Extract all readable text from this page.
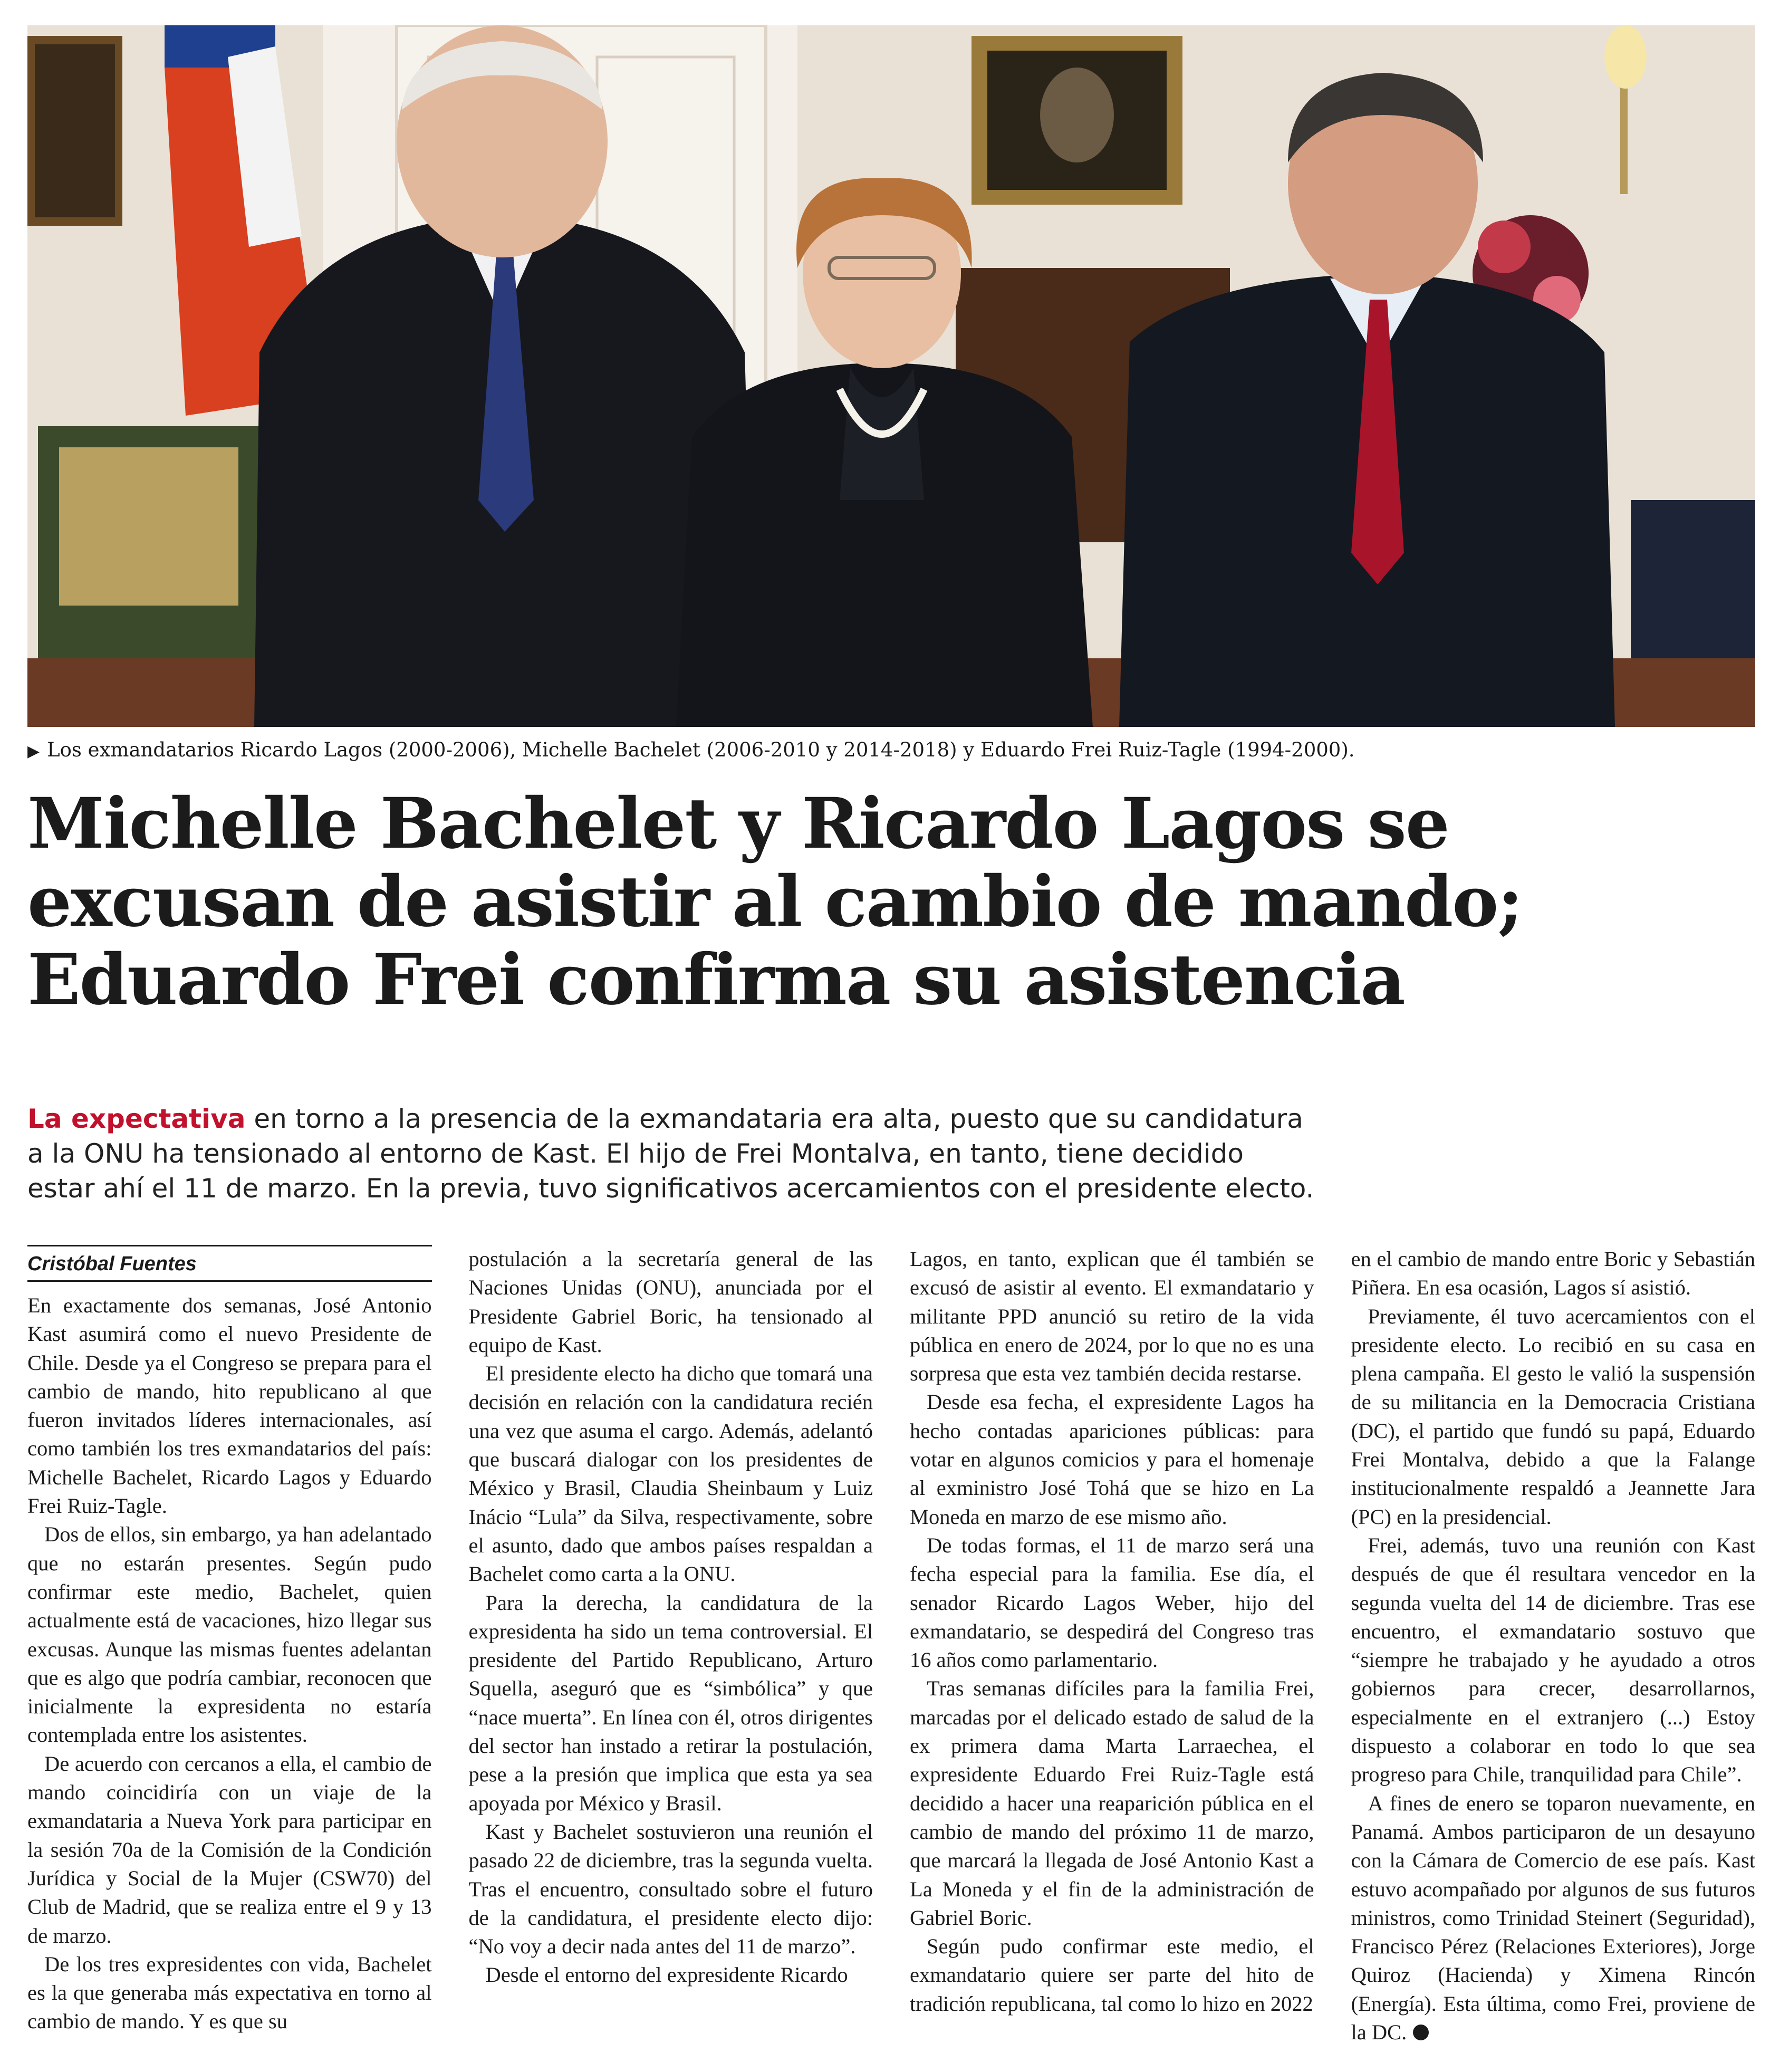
▶ Los exmandatarios Ricardo Lagos (2000-2006), Michelle Bachelet (2006-2010 y 2014-2018) y Eduardo Frei Ruiz-Tagle (1994-2000).
Michelle Bachelet y Ricardo Lagos se
excusan de asistir al cambio de mando;
Eduardo Frei confirma su asistencia
La expectativa en torno a la presencia de la exmandataria era alta, puesto que su candidatura
a la ONU ha tensionado al entorno de Kast. El hijo de Frei Montalva, en tanto, tiene decidido
estar ahí el 11 de marzo. En la previa, tuvo significativos acercamientos con el presidente electo.
Cristóbal Fuentes

En exactamente dos semanas, José Antonio Kast asumirá como el nuevo Presidente de Chile. Desde ya el Congreso se prepara para el cambio de mando, hito republicano al que fueron invitados líderes internacionales, así como también los tres exmandatarios del país: Michelle Bachelet, Ricardo Lagos y Eduardo Frei Ruiz-Tagle.

Dos de ellos, sin embargo, ya han adelantado que no estarán presentes. Según pudo confirmar este medio, Bachelet, quien actualmente está de vacaciones, hizo llegar sus excusas. Aunque las mismas fuentes adelantan que es algo que podría cambiar, reconocen que inicialmente la expresidenta no estaría contemplada entre los asistentes.

De acuerdo con cercanos a ella, el cambio de mando coincidiría con un viaje de la exmandataria a Nueva York para participar en la sesión 70a de la Comisión de la Condición Jurídica y Social de la Mujer (CSW70) del Club de Madrid, que se realiza entre el 9 y 13 de marzo.

De los tres expresidentes con vida, Bachelet es la que generaba más expectativa en torno al cambio de mando. Y es que su

postulación a la secretaría general de las Naciones Unidas (ONU), anunciada por el Presidente Gabriel Boric, ha tensionado al equipo de Kast.

El presidente electo ha dicho que tomará una decisión en relación con la candidatura recién una vez que asuma el cargo. Además, adelantó que buscará dialogar con los presidentes de México y Brasil, Claudia Sheinbaum y Luiz Inácio “Lula” da Silva, respectivamente, sobre el asunto, dado que ambos países respaldan a Bachelet como carta a la ONU.

Para la derecha, la candidatura de la expresidenta ha sido un tema controversial. El presidente del Partido Republicano, Arturo Squella, aseguró que es “simbólica” y que “nace muerta”. En línea con él, otros dirigentes del sector han instado a retirar la postulación, pese a la presión que implica que esta ya sea apoyada por México y Brasil.

Kast y Bachelet sostuvieron una reunión el pasado 22 de diciembre, tras la segunda vuelta. Tras el encuentro, consultado sobre el futuro de la candidatura, el presidente electo dijo: “No voy a decir nada antes del 11 de marzo”.

Desde el entorno del expresidente Ricardo

Lagos, en tanto, explican que él también se excusó de asistir al evento. El exmandatario y militante PPD anunció su retiro de la vida pública en enero de 2024, por lo que no es una sorpresa que esta vez también decida restarse.

Desde esa fecha, el expresidente Lagos ha hecho contadas apariciones públicas: para votar en algunos comicios y para el homenaje al exministro José Tohá que se hizo en La Moneda en marzo de ese mismo año.

De todas formas, el 11 de marzo será una fecha especial para la familia. Ese día, el senador Ricardo Lagos Weber, hijo del exmandatario, se despedirá del Congreso tras 16 años como parlamentario.

Tras semanas difíciles para la familia Frei, marcadas por el delicado estado de salud de la ex primera dama Marta Larraechea, el expresidente Eduardo Frei Ruiz-Tagle está decidido a hacer una reaparición pública en el cambio de mando del próximo 11 de marzo, que marcará la llegada de José Antonio Kast a La Moneda y el fin de la administración de Gabriel Boric.

Según pudo confirmar este medio, el exmandatario quiere ser parte del hito de tradición republicana, tal como lo hizo en 2022

en el cambio de mando entre Boric y Sebastián Piñera. En esa ocasión, Lagos sí asistió.

Previamente, él tuvo acercamientos con el presidente electo. Lo recibió en su casa en plena campaña. El gesto le valió la suspensión de su militancia en la Democracia Cristiana (DC), el partido que fundó su papá, Eduardo Frei Montalva, debido a que la Falange institucionalmente respaldó a Jeannette Jara (PC) en la presidencial.

Frei, además, tuvo una reunión con Kast después de que él resultara vencedor en la segunda vuelta del 14 de diciembre. Tras ese encuentro, el exmandatario sostuvo que “siempre he trabajado y he ayudado a otros gobiernos para crecer, desarrollarnos, especialmente en el extranjero (...) Estoy dispuesto a colaborar en todo lo que sea progreso para Chile, tranquilidad para Chile”.

A fines de enero se toparon nuevamente, en Panamá. Ambos participaron de un desayuno con la Cámara de Comercio de ese país. Kast estuvo acompañado por algunos de sus futuros ministros, como Trinidad Steinert (Seguridad), Francisco Pérez (Relaciones Exteriores), Jorge Quiroz (Hacienda) y Ximena Rincón (Energía). Esta última, como Frei, proviene de la DC.
